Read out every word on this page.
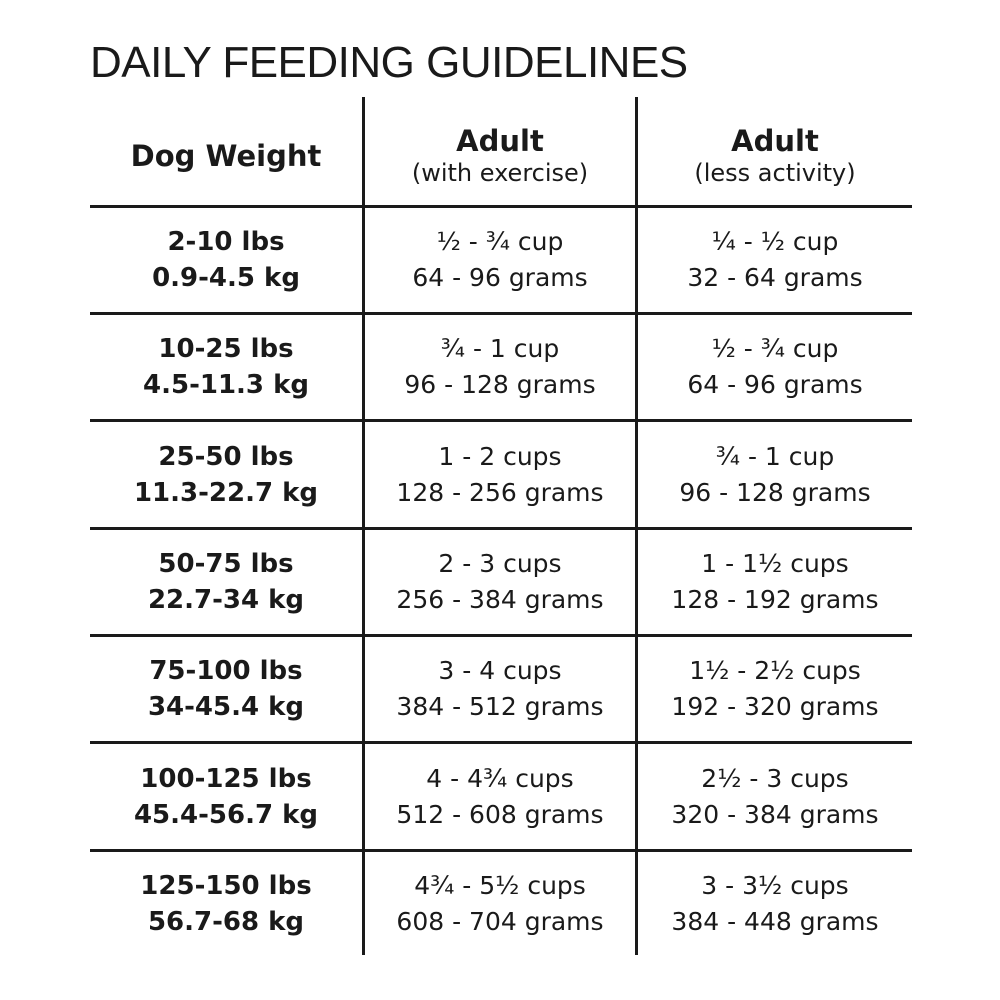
DAILY FEEDING GUIDELINES
Dog Weight	Adult
(with exercise)
Adult
(less activity)
2-10 lbs
0.9-4.5 kg
½ - ¾ cup
64 - 96 grams
¼ - ½ cup
32 - 64 grams
10-25 lbs
4.5-11.3 kg
¾ - 1 cup
96 - 128 grams
½ - ¾ cup
64 - 96 grams
25-50 lbs
11.3-22.7 kg
1 - 2 cups
128 - 256 grams
¾ - 1 cup
96 - 128 grams
50-75 lbs
22.7-34 kg
2 - 3 cups
256 - 384 grams
1 - 1½ cups
128 - 192 grams
75-100 lbs
34-45.4 kg
3 - 4 cups
384 - 512 grams
1½ - 2½ cups
192 - 320 grams
100-125 lbs
45.4-56.7 kg
4 - 4¾ cups
512 - 608 grams
2½ - 3 cups
320 - 384 grams
125-150 lbs
56.7-68 kg
4¾ - 5½ cups
608 - 704 grams
3 - 3½ cups
384 - 448 grams
